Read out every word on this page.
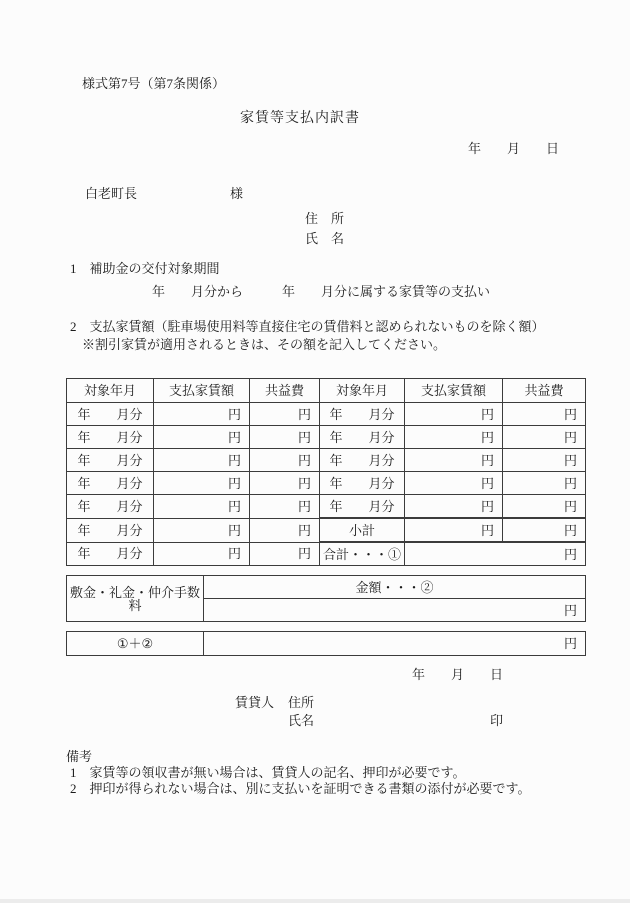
様式第7号（第7条関係）
家賃等支払内訳書
年　　月　　日
白老町長	様
住　所
氏　名
1　補助金の交付対象期間
年　　月分から　　　年　　月分に属する家賃等の支払い
2　支払家賃額（駐車場使用料等直接住宅の賃借料と認められないものを除く額）
※割引家賃が適用されるときは、その額を記入してください。
対象年月	支払家賃額	共益費	対象年月	支払家賃額	共益費
年　　月分	円	円	年　　月分	円	円
年　　月分	円	円	年　　月分	円	円
年　　月分	円	円	年　　月分	円	円
年　　月分	円	円	年　　月分	円	円
年　　月分	円	円	年　　月分	円	円
年　　月分	円	円	小計	円	円
年　　月分	円	円	合計・・・①	円	
敷金・礼金・仲介手数料	金額・・・②
円
①＋②	円
年　　月　　日
賃貸人 住所
氏名	印
備考
1　家賃等の領収書が無い場合は、賃貸人の記名、押印が必要です。
2　押印が得られない場合は、別に支払いを証明できる書類の添付が必要です。
